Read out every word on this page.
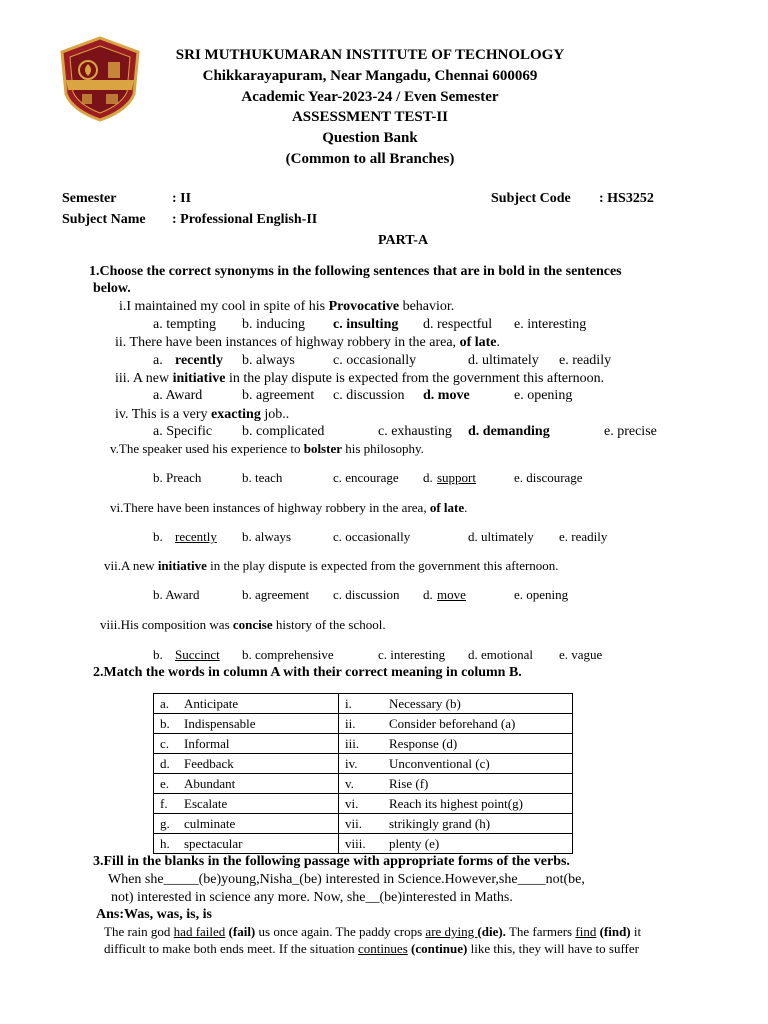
SRI MUTHUKUMARAN INSTITUTE OF TECHNOLOGY
Chikkarayapuram, Near Mangadu, Chennai 600069
Academic Year-2023-24 / Even Semester
ASSESSMENT TEST-II
Question Bank
(Common to all Branches)
Semester	: II	Subject Code : HS3252
Subject Name : Professional English-II
PART-A
1.Choose the correct synonyms in the following sentences that are in bold in the sentences
below.
i.I maintained my cool in spite of his Provocative behavior.
a. tempting b. inducing c. insulting d. respectful e. interesting
ii. There have been instances of highway robbery in the area, of late.
a. recently b. always	c. occasionally	d. ultimately e. readily
iii. A new initiative in the play dispute is expected from the government this afternoon.
a. Award	b. agreement c. discussion d. move	e. opening
iv. This is a very exacting job..
a. Specific b. complicated	c. exhausting d. demanding	e. precise
v.The speaker used his experience to bolster his philosophy.
b. Preach	b. teach	c. encourage d. support	e. discourage
vi.There have been instances of highway robbery in the area, of late.
b. recently b. always	c. occasionally	d. ultimately e. readily
vii.A new initiative in the play dispute is expected from the government this afternoon.
b. Award	b. agreement c. discussion d. move	e. opening
viii.His composition was concise history of the school.
b. Succinct b. comprehensive	c. interesting d. emotional e. vague
2.Match the words in column A with their correct meaning in column B.
a. Anticipate	i. Necessary (b)
b. Indispensable	ii. Consider beforehand (a)
c. Informal	iii. Response (d)
d. Feedback	iv. Unconventional (c)
e. Abundant	v. Rise (f)
f. Escalate	vi. Reach its highest point(g)
g. culminate	vii. strikingly grand (h)
h. spectacular	viii. plenty (e)
3.Fill in the blanks in the following passage with appropriate forms of the verbs.
When she_____(be)young,Nisha_(be) interested in Science.However,she____not(be,
not) interested in science any more. Now, she__(be)interested in Maths.
Ans:Was, was, is, is
The rain god had failed (fail) us once again. The paddy crops are dying (die). The farmers find (find) it
difficult to make both ends meet. If the situation continues (continue) like this, they will have to suffer
